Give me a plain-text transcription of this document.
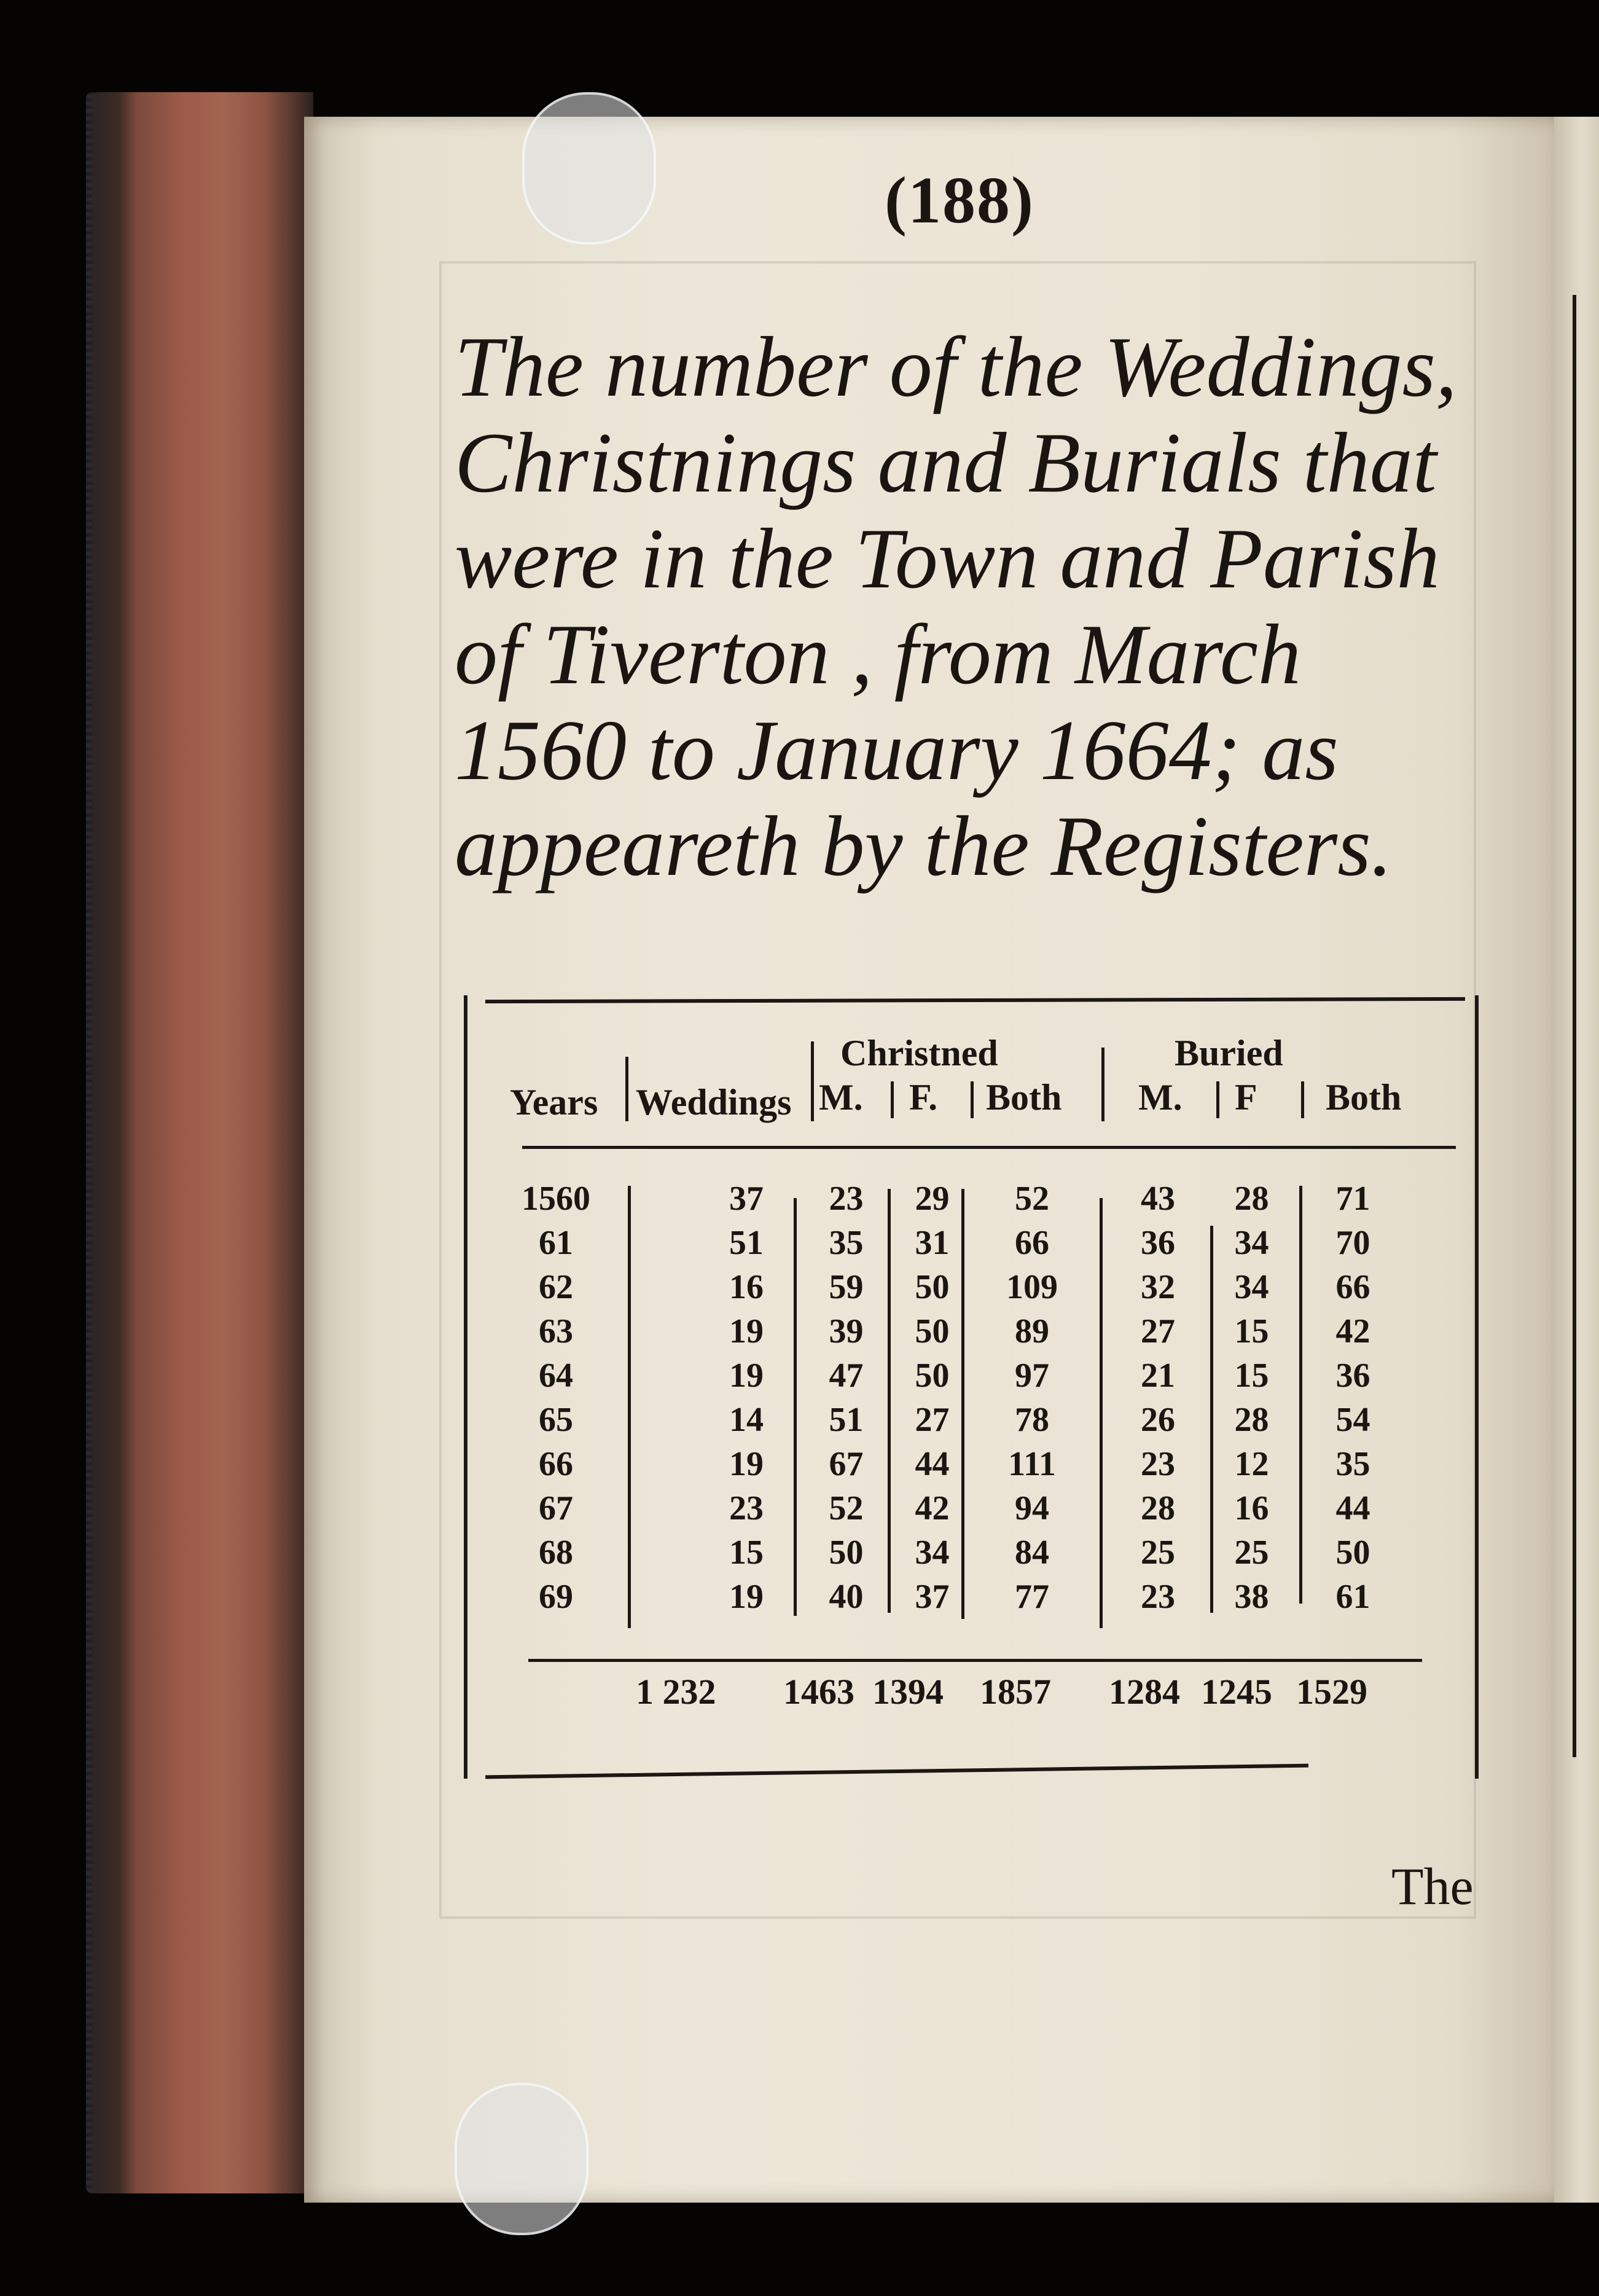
(188)

The number of the Weddings,

Christnings and Burials that

were in the Town and Parish

of Tiverton , from March

1560 to January 1664; as

appeareth by the Registers.

Years Weddings
Christned
M. F. Both
Buried
M. F Both
1560
61
62
63
64
65
66
67
68
69
37
51
16
19
19
14
19
23
15
19
23
35
59
39
47
51
67
52
50
40
29
31
50
50
50
27
44
42
34
37
52
66
109
89
97
78
111
94
84
77
43
36
32
27
21
26
23
28
25
23
28
34
34
15
15
28
12
16
25
38
71
70
66
42
36
54
35
44
50
61
1 232 1463 1394 1857 1284 1245 1529
The
